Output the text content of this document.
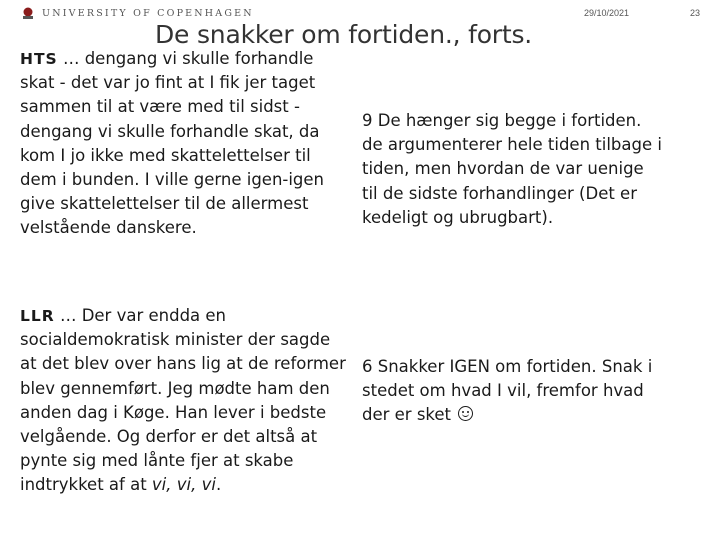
UNIVERSITY OF COPENHAGEN	29/10/2021	23
De snakker om fortiden., forts.
HTS … dengang vi skulle forhandle skat - det var jo fint at I fik jer taget sammen til at være med til sidst - dengang vi skulle forhandle skat, da kom I jo ikke med skattelettelser til dem i bunden. I ville gerne igen-igen give skattelettelser til de allermest velstående danskere.
LLR … Der var endda en socialdemokratisk minister der sagde at det blev over hans lig at de reformer blev gennemført. Jeg mødte ham den anden dag i Køge. Han lever i bedste velgående. Og derfor er det altså at pynte sig med lånte fjer at skabe indtrykket af at vi, vi, vi.
9 De hænger sig begge i fortiden. de argumenterer hele tiden tilbage i tiden, men hvordan de var uenige til de sidste forhandlinger (Det er kedeligt og ubrugbart).
6 Snakker IGEN om fortiden. Snak i stedet om hvad I vil, fremfor hvad der er sket
